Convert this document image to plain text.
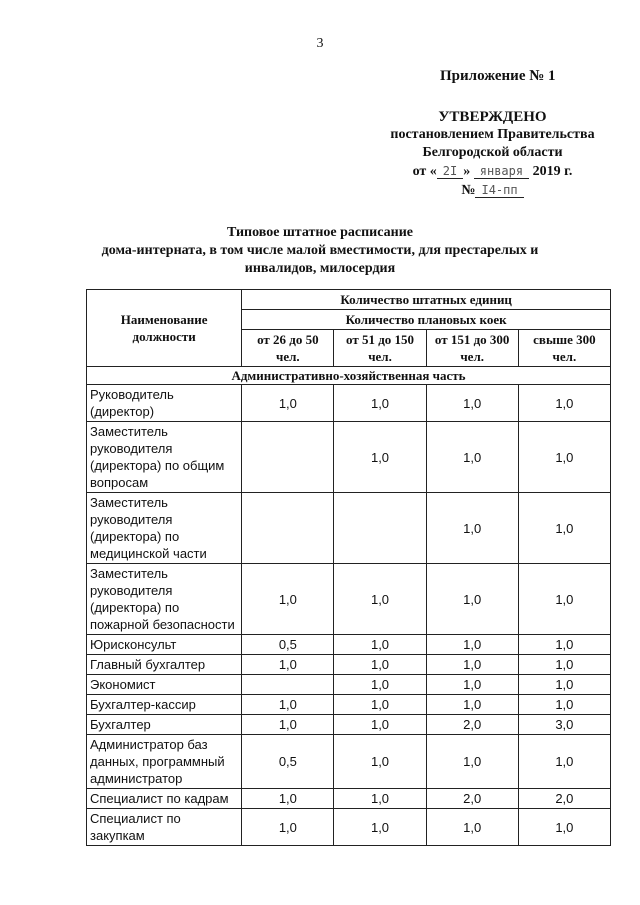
3
Приложение № 1
УТВЕРЖДЕНО
постановлением Правительства
Белгородской области
от « 2I » января 2019 г.
№ I4-пп
Типовое штатное расписание
дома-интерната, в том числе малой вместимости, для престарелых и
инвалидов, милосердия
Наименование должности	Количество штатных единиц			
	Количество плановых коек			
	от 26 до 50 чел.	от 51 до 150 чел.	от 151 до 300 чел.	свыше 300 чел.
Административно-хозяйственная часть				
Руководитель (директор)	1,0	1,0	1,0	1,0
Заместитель руководителя (директора) по общим вопросам		1,0	1,0	1,0
Заместитель руководителя (директора) по медицинской части			1,0	1,0
Заместитель руководителя (директора) по пожарной безопасности	1,0	1,0	1,0	1,0
Юрисконсульт	0,5	1,0	1,0	1,0
Главный бухгалтер	1,0	1,0	1,0	1,0
Экономист		1,0	1,0	1,0
Бухгалтер-кассир	1,0	1,0	1,0	1,0
Бухгалтер	1,0	1,0	2,0	3,0
Администратор баз данных, программный администратор	0,5	1,0	1,0	1,0
Специалист по кадрам	1,0	1,0	2,0	2,0
Специалист по закупкам	1,0	1,0	1,0	1,0
